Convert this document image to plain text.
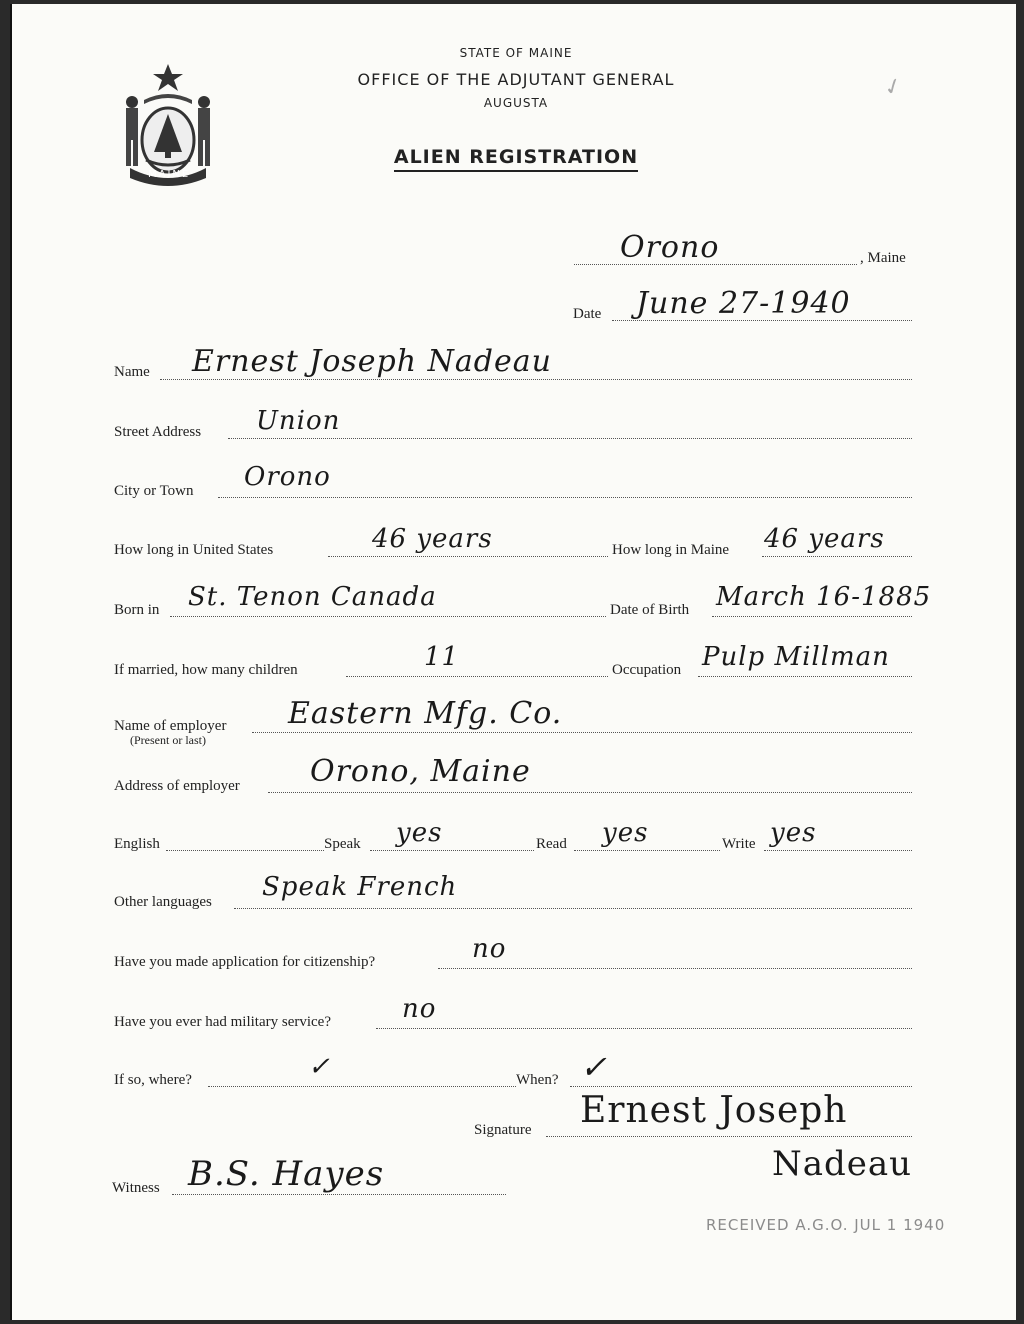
MAINE
STATE OF MAINE
OFFICE OF THE ADJUTANT GENERAL
AUGUSTA
ALIEN REGISTRATION
✓
, Maine
Orono
Date June 27-1940
Name Ernest Joseph Nadeau
Street Address Union
City or Town Orono
How long in United States	46 years	How long in Maine 46 years
Born in St. Tenon Canada	Date of Birth March 16-1885
If married, how many children	11	Occupation Pulp Millman
Name of employer
(Present or last)
Eastern Mfg. Co.
Address of employer Orono, Maine
English	Speak yes	Read yes	Write yes
Other languages Speak French
Have you made application for citizenship?	no
Have you ever had military service?	no
If so, where?	✓	When? ✓
Signature Ernest Joseph
Nadeau
Witness B.S. Hayes
RECEIVED A.G.O. JUL 1 1940
